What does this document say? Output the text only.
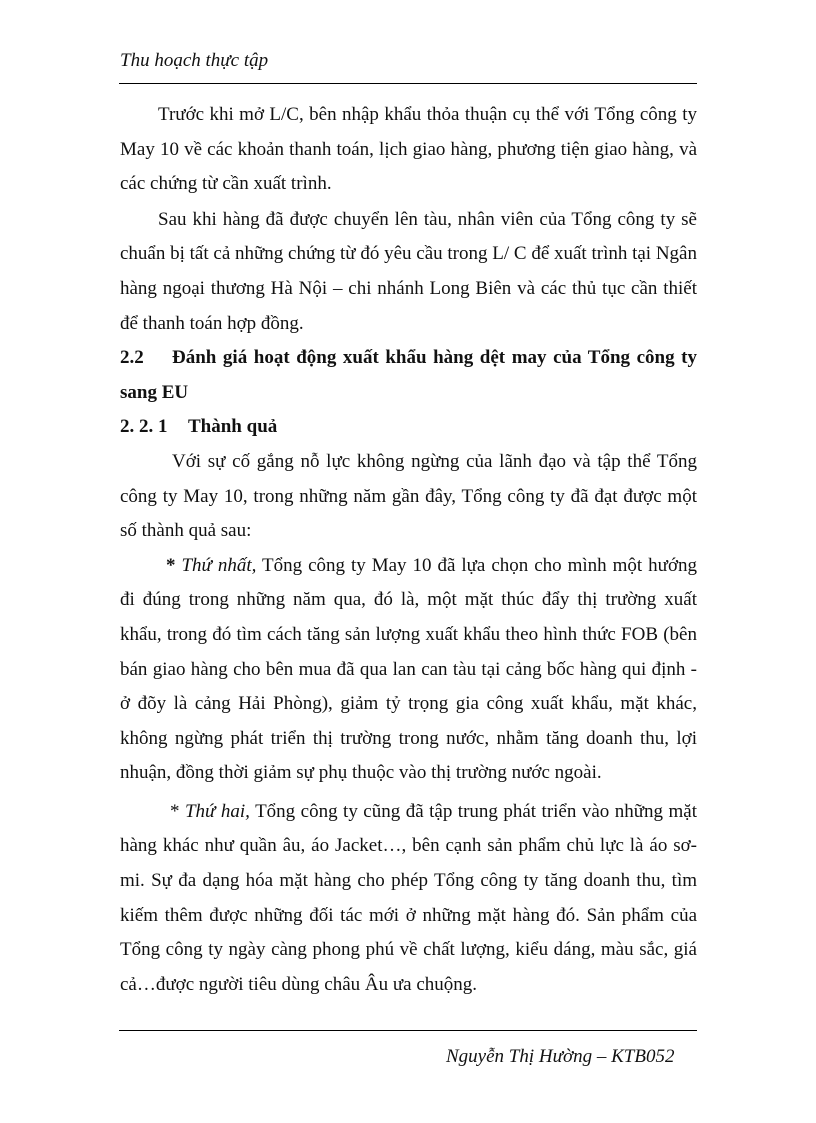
Thu hoạch thực tập

Trước khi mở L/C, bên nhập khẩu thỏa thuận cụ thể với Tổng công ty May 10 về các khoản thanh toán, lịch giao hàng, phương tiện giao hàng, và các chứng từ cần xuất trình.

Sau khi hàng đã được chuyển lên tàu, nhân viên của Tổng công ty sẽ chuẩn bị tất cả những chứng từ đó yêu cầu trong L/ C để xuất trình tại Ngân hàng ngoại thương Hà Nội – chi nhánh Long Biên và các thủ tục cần thiết để thanh toán hợp đồng.

2.2 Đánh giá hoạt động xuất khẩu hàng dệt may của Tổng công ty sang EU

2. 2. 1 Thành quả

Với sự cố gắng nỗ lực không ngừng của lãnh đạo và tập thể Tổng công ty May 10, trong những năm gần đây, Tổng công ty đã đạt được một số thành quả sau:

* Thứ nhất, Tổng công ty May 10 đã lựa chọn cho mình một hướng đi đúng trong những năm qua, đó là, một mặt thúc đẩy thị trường xuất khẩu, trong đó tìm cách tăng sản lượng xuất khẩu theo hình thức FOB (bên bán giao hàng cho bên mua đã qua lan can tàu tại cảng bốc hàng qui định - ở đõy là cảng Hải Phòng), giảm tỷ trọng gia công xuất khẩu, mặt khác, không ngừng phát triển thị trường trong nước, nhằm tăng doanh thu, lợi nhuận, đồng thời giảm sự phụ thuộc vào thị trường nước ngoài.

* Thứ hai, Tổng công ty cũng đã tập trung phát triển vào những mặt hàng khác như quần âu, áo Jacket…, bên cạnh sản phẩm chủ lực là áo sơ-mi. Sự đa dạng hóa mặt hàng cho phép Tổng công ty tăng doanh thu, tìm kiếm thêm được những đối tác mới ở những mặt hàng đó. Sản phẩm của Tổng công ty ngày càng phong phú về chất lượng, kiểu dáng, màu sắc, giá cả…được người tiêu dùng châu Âu ưa chuộng.

Nguyễn Thị Hường – KTB052
